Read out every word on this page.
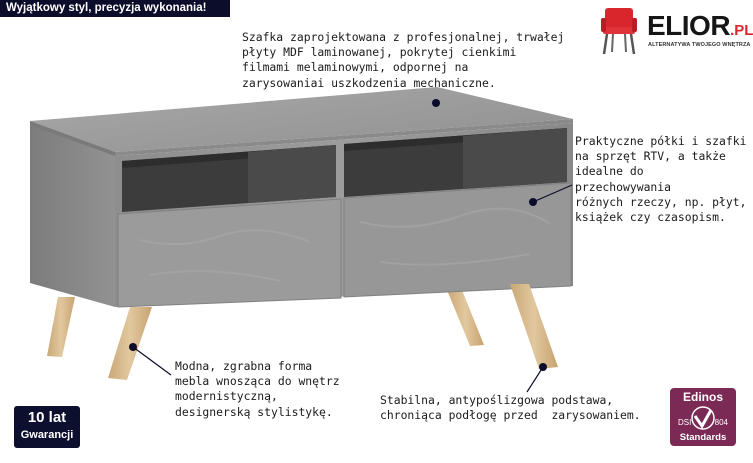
Wyjątkowy styl, precyzja wykonania!
ELIOR.PL
ALTERNATYWA TWOJEGO WNĘTRZA
Szafka zaprojektowana z profesjonalnej, trwałej
płyty MDF laminowanej, pokrytej cienkimi
filmami melaminowymi, odpornej na
zarysowaniai uszkodzenia mechaniczne.
Praktyczne półki i szafki
na sprzęt RTV, a także
idealne do
przechowywania
różnych rzeczy, np. płyt,
książek czy czasopism.
Modna, zgrabna forma
mebla wnosząca do wnętrz
modernistyczną,
designerską stylistykę.
Stabilna, antypoślizgowa podstawa,
chroniąca podłogę przed  zarysowaniem.
10 lat
Gwarancji
Edinos
DSI	804
Standards
